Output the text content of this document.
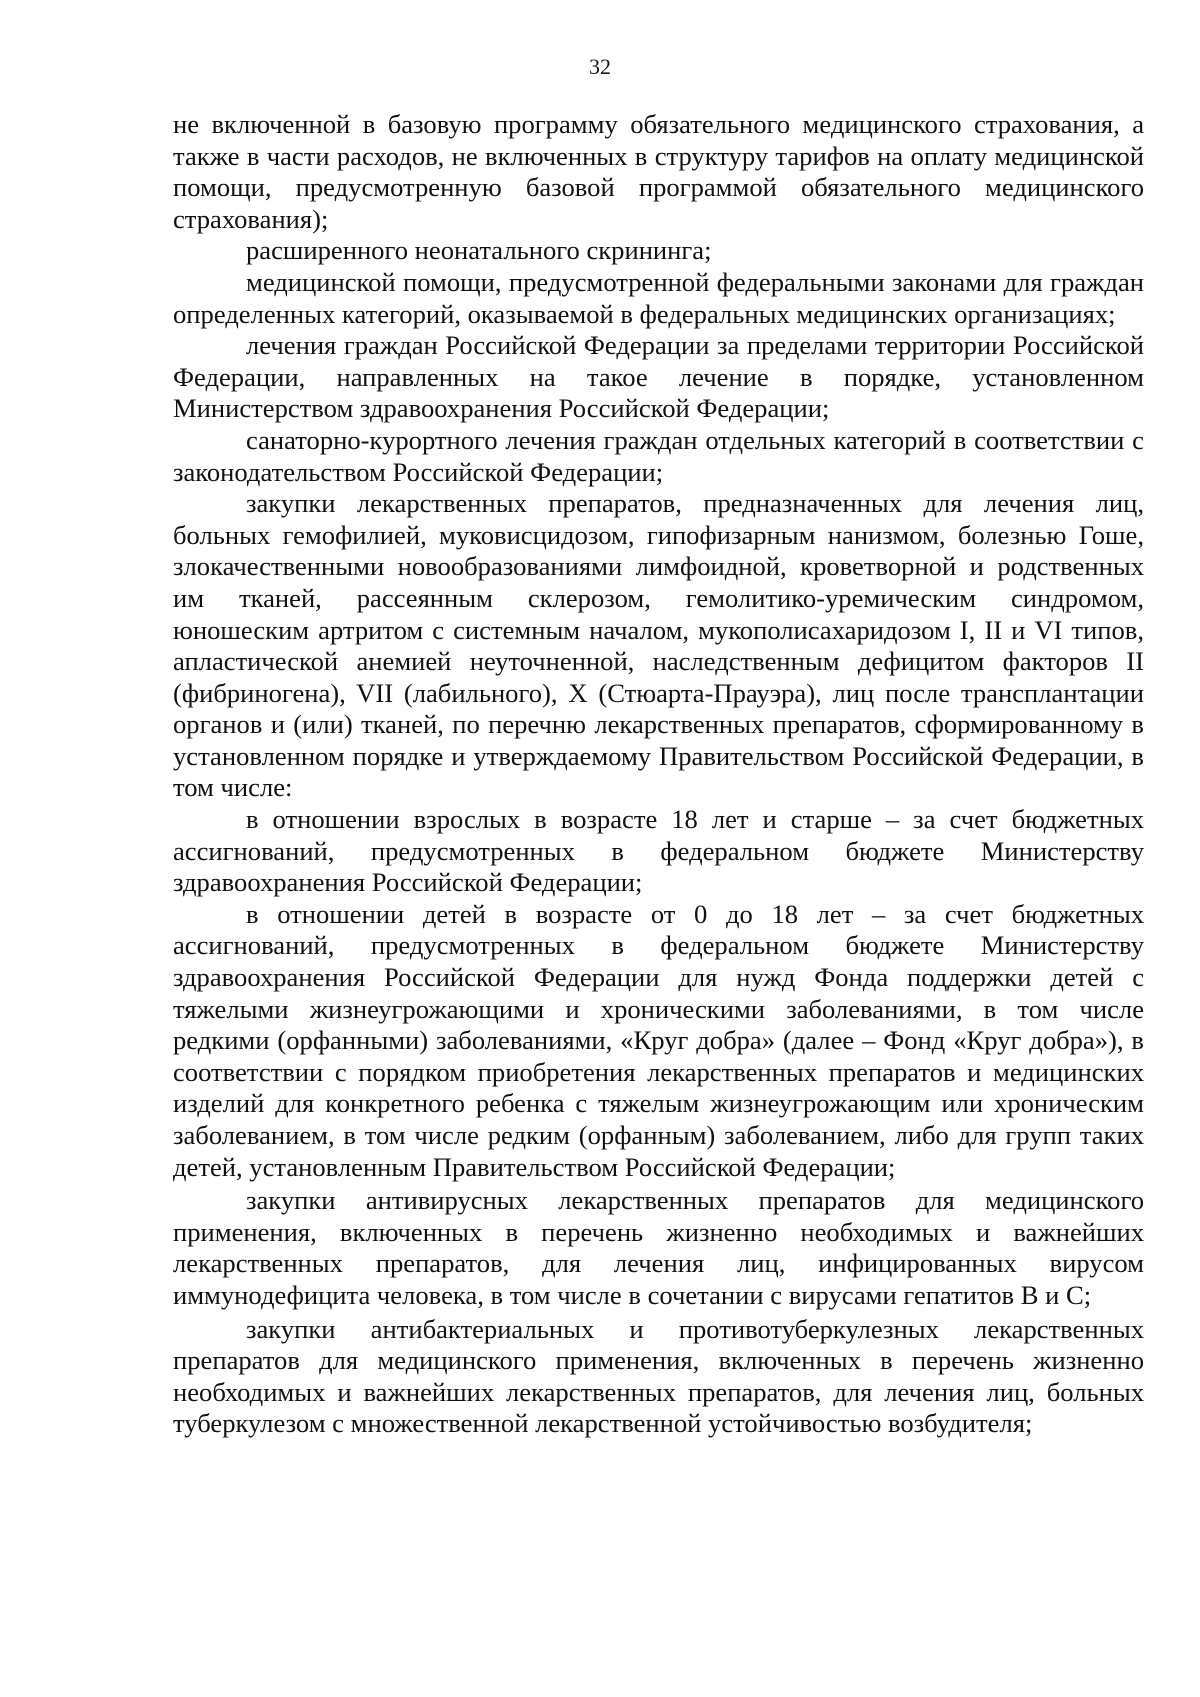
32

не включенной в базовую программу обязательного медицинского страхования, а также в части расходов, не включенных в структуру тарифов на оплату медицинской помощи, предусмотренную базовой программой обязательного медицинского страхования);

расширенного неонатального скрининга;

медицинской помощи, предусмотренной федеральными законами для граждан определенных категорий, оказываемой в федеральных медицинских организациях;

лечения граждан Российской Федерации за пределами территории Российской Федерации, направленных на такое лечение в порядке, установленном Министерством здравоохранения Российской Федерации;

санаторно-курортного лечения граждан отдельных категорий в соответствии с законодательством Российской Федерации;

закупки лекарственных препаратов, предназначенных для лечения лиц, больных гемофилией, муковисцидозом, гипофизарным нанизмом, болезнью Гоше, злокачественными новообразованиями лимфоидной, кроветворной и родственных им тканей, рассеянным склерозом, гемолитико-уремическим синдромом, юношеским артритом с системным началом, мукополисахаридозом I, II и VI типов, апластической анемией неуточненной, наследственным дефицитом факторов II (фибриногена), VII (лабильного), X (Стюарта-Прауэра), лиц после трансплантации органов и (или) тканей, по перечню лекарственных препаратов, сформированному в установленном порядке и утверждаемому Правительством Российской Федерации, в том числе:

в отношении взрослых в возрасте 18 лет и старше – за счет бюджетных ассигнований, предусмотренных в федеральном бюджете Министерству здравоохранения Российской Федерации;

в отношении детей в возрасте от 0 до 18 лет – за счет бюджетных ассигнований, предусмотренных в федеральном бюджете Министерству здравоохранения Российской Федерации для нужд Фонда поддержки детей с тяжелыми жизнеугрожающими и хроническими заболеваниями, в том числе редкими (орфанными) заболеваниями, «Круг добра» (далее – Фонд «Круг добра»), в соответствии с порядком приобретения лекарственных препаратов и медицинских изделий для конкретного ребенка с тяжелым жизнеугрожающим или хроническим заболеванием, в том числе редким (орфанным) заболеванием, либо для групп таких детей, установленным Правительством Российской Федерации;

закупки антивирусных лекарственных препаратов для медицинского применения, включенных в перечень жизненно необходимых и важнейших лекарственных препаратов, для лечения лиц, инфицированных вирусом иммунодефицита человека, в том числе в сочетании с вирусами гепатитов B и C;

закупки антибактериальных и противотуберкулезных лекарственных препаратов для медицинского применения, включенных в перечень жизненно необходимых и важнейших лекарственных препаратов, для лечения лиц, больных туберкулезом с множественной лекарственной устойчивостью возбудителя;
